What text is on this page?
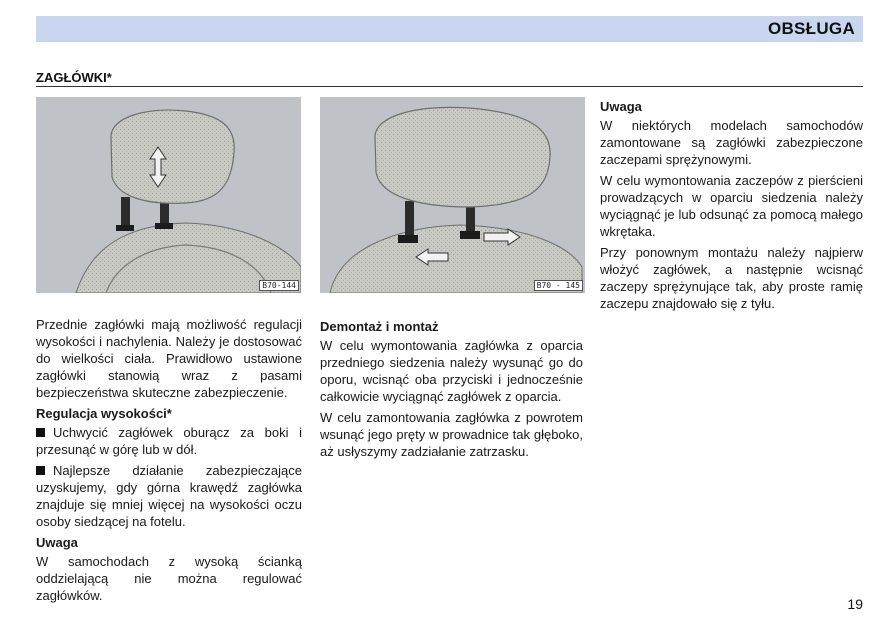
OBSŁUGA
ZAGŁÓWKI*
B70-144	B70 - 145

Przednie zagłówki mają możliwość regulacji wysokości i nachylenia. Należy je dostosować do wielkości ciała. Prawidłowo ustawione zagłówki stanowią wraz z pasami bezpieczeństwa skuteczne zabezpieczenie.

Regulacja wysokości*

Uchwycić zagłówek oburącz za boki i przesunąć w górę lub w dół.

Najlepsze działanie zabezpieczające uzyskujemy, gdy górna krawędź zagłówka znajduje się mniej więcej na wysokości oczu osoby siedzącej na fotelu.

Uwaga

W samochodach z wysoką ścianką oddzielającą nie można regulować zagłówków.

Demontaż i montaż

W celu wymontowania zagłówka z oparcia przedniego siedzenia należy wysunąć go do oporu, wcisnąć oba przyciski i jednocześnie całkowicie wyciągnąć zagłówek z oparcia.

W celu zamontowania zagłówka z powrotem wsunąć jego pręty w prowadnice tak głęboko, aż usłyszymy zadziałanie zatrzasku.

Uwaga

W niektórych modelach samochodów zamontowane są zagłówki zabezpieczone zaczepami sprężynowymi.

W celu wymontowania zaczepów z pierścieni prowadzących w oparciu siedzenia należy wyciągnąć je lub odsunąć za pomocą małego wkrętaka.

Przy ponownym montażu należy najpierw włożyć zagłówek, a następnie wcisnąć zaczepy sprężynujące tak, aby proste ramię zaczepu znajdowało się z tyłu.

19
